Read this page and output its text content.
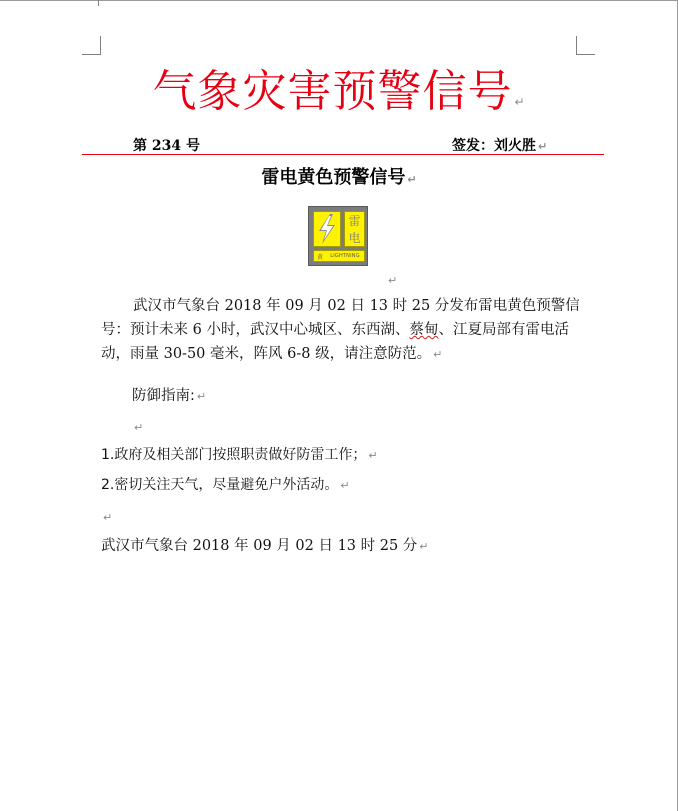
气象灾害预警信号 ↵
第 234 号	签发：刘火胜 ↵
雷电黄色预警信号 ↵
雷
电
黄	LIGHTNING
↵
武汉市气象台 2018 年 09 月 02 日 13 时 25 分发布雷电黄色预警信号：预计未来 6 小时，武汉中心城区、东西湖、蔡甸、江夏局部有雷电活动，雨量 30-50 毫米，阵风 6-8 级，请注意防范。 ↵
防御指南: ↵
↵
1.政府及相关部门按照职责做好防雷工作； ↵
2.密切关注天气，尽量避免户外活动。 ↵
↵
武汉市气象台 2018 年 09 月 02 日 13 时 25 分 ↵
